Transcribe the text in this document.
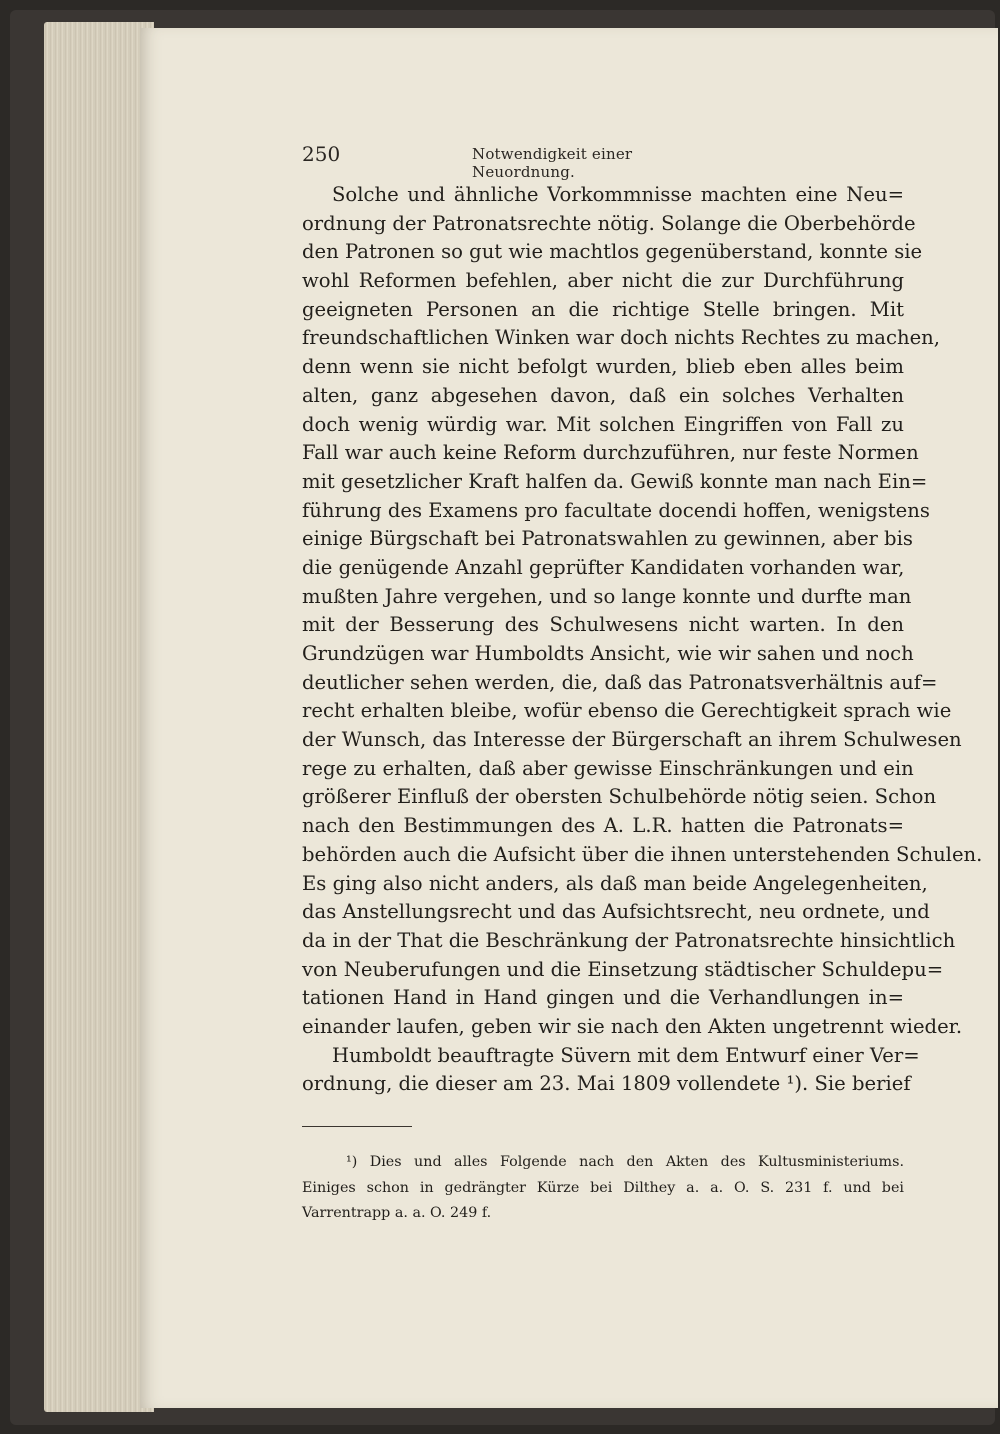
250	Notwendigkeit einer Neuordnung.
Solche und ähnliche Vorkommnisse machten eine Neu=
ordnung der Patronatsrechte nötig. Solange die Oberbehörde
den Patronen so gut wie machtlos gegenüberstand, konnte sie
wohl Reformen befehlen, aber nicht die zur Durchführung
geeigneten Personen an die richtige Stelle bringen. Mit
freundschaftlichen Winken war doch nichts Rechtes zu machen,
denn wenn sie nicht befolgt wurden, blieb eben alles beim
alten, ganz abgesehen davon, daß ein solches Verhalten
doch wenig würdig war. Mit solchen Eingriffen von Fall zu
Fall war auch keine Reform durchzuführen, nur feste Normen
mit gesetzlicher Kraft halfen da. Gewiß konnte man nach Ein=
führung des Examens pro facultate docendi hoffen, wenigstens
einige Bürgschaft bei Patronatswahlen zu gewinnen, aber bis
die genügende Anzahl geprüfter Kandidaten vorhanden war,
mußten Jahre vergehen, und so lange konnte und durfte man
mit der Besserung des Schulwesens nicht warten. In den
Grundzügen war Humboldts Ansicht, wie wir sahen und noch
deutlicher sehen werden, die, daß das Patronatsverhältnis auf=
recht erhalten bleibe, wofür ebenso die Gerechtigkeit sprach wie
der Wunsch, das Interesse der Bürgerschaft an ihrem Schulwesen
rege zu erhalten, daß aber gewisse Einschränkungen und ein
größerer Einfluß der obersten Schulbehörde nötig seien. Schon
nach den Bestimmungen des A. L.R. hatten die Patronats=
behörden auch die Aufsicht über die ihnen unterstehenden Schulen.
Es ging also nicht anders, als daß man beide Angelegenheiten,
das Anstellungsrecht und das Aufsichtsrecht, neu ordnete, und
da in der That die Beschränkung der Patronatsrechte hinsichtlich
von Neuberufungen und die Einsetzung städtischer Schuldepu=
tationen Hand in Hand gingen und die Verhandlungen in=
einander laufen, geben wir sie nach den Akten ungetrennt wieder.
Humboldt beauftragte Süvern mit dem Entwurf einer Ver=
ordnung, die dieser am 23. Mai 1809 vollendete ¹). Sie berief
¹) Dies und alles Folgende nach den Akten des Kultusministeriums.
Einiges schon in gedrängter Kürze bei Dilthey a. a. O. S. 231 f. und bei
Varrentrapp a. a. O. 249 f.
